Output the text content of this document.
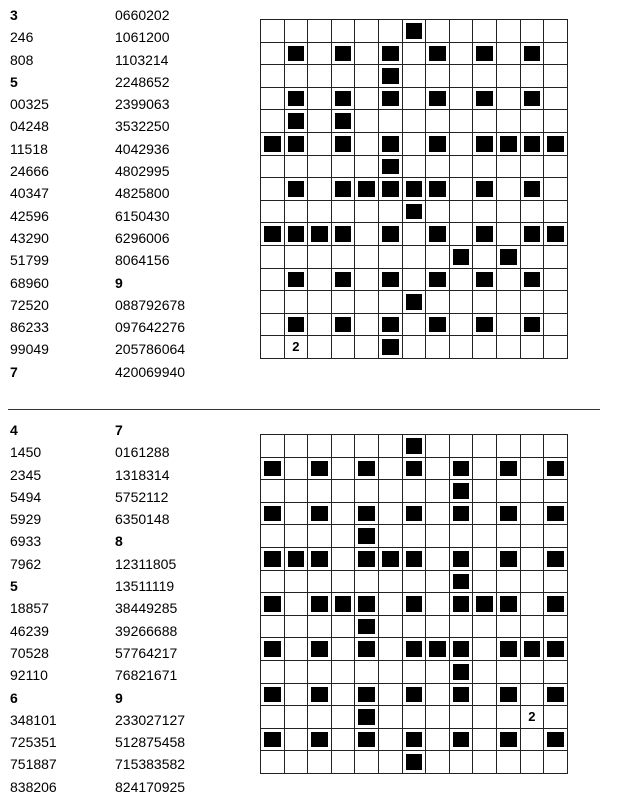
3
246
808
5
00325
04248
11518
24666
40347
42596
43290
51799
68960
72520
86233
99049
7
0660202
1061200
1103214
2248652
2399063
3532250
4042936
4802995
4825800
6150430
6296006
8064156
9
088792678
097642276
205786064
420069940

	2											

4
1450
2345
5494
5929
6933
7962
5
18857
46239
70528
92110
6
348101
725351
751887
838206
7
0161288
1318314
5752112
6350148
8
12311805
13511119
38449285
39266688
57764217
76821671
9
233027127
512875458
715383582
824170925

											2	
